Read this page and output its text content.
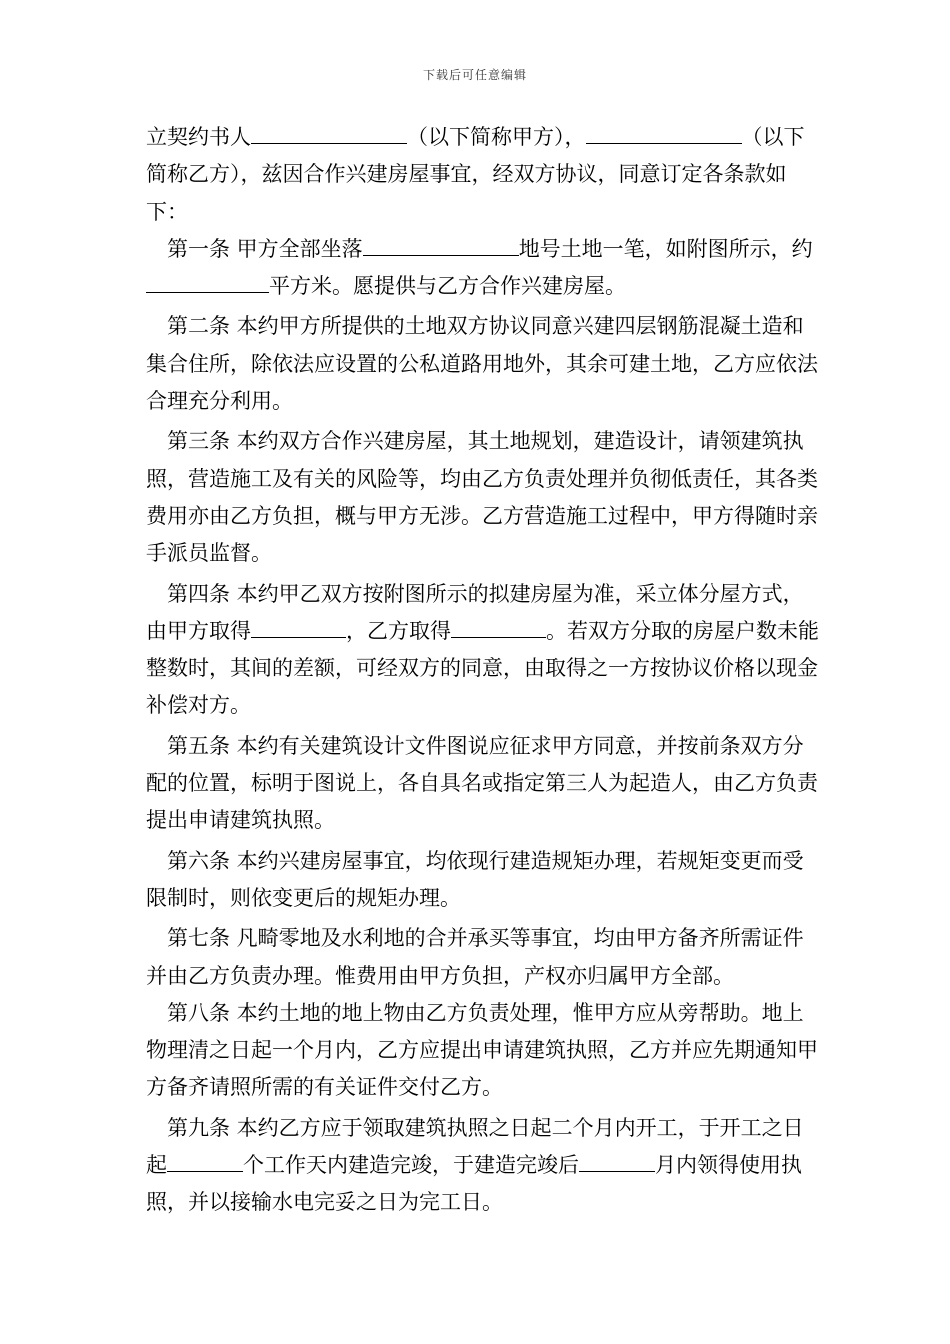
下载后可任意编辑

立契约书人	（以下简称甲方），	（以下简称乙方），兹因合作兴建房屋事宜，经双方协议，同意订定各条款如下：

第一条 甲方全部坐落	地号土地一笔，如附图所示，约平方米。愿提供与乙方合作兴建房屋。

第二条 本约甲方所提供的土地双方协议同意兴建四层钢筋混凝土造和集合住所，除依法应设置的公私道路用地外，其余可建土地，乙方应依法合理充分利用。

第三条 本约双方合作兴建房屋，其土地规划，建造设计，请领建筑执照，营造施工及有关的风险等，均由乙方负责处理并负彻低责任，其各类费用亦由乙方负担，概与甲方无涉。乙方营造施工过程中，甲方得随时亲手派员监督。

第四条 本约甲乙双方按附图所示的拟建房屋为准，采立体分屋方式，由甲方取得	，乙方取得	。若双方分取的房屋户数未能整数时，其间的差额，可经双方的同意，由取得之一方按协议价格以现金补偿对方。

第五条 本约有关建筑设计文件图说应征求甲方同意，并按前条双方分配的位置，标明于图说上，各自具名或指定第三人为起造人，由乙方负责提出申请建筑执照。

第六条 本约兴建房屋事宜，均依现行建造规矩办理，若规矩变更而受限制时，则依变更后的规矩办理。

第七条 凡畸零地及水利地的合并承买等事宜，均由甲方备齐所需证件并由乙方负责办理。惟费用由甲方负担，产权亦归属甲方全部。

第八条 本约土地的地上物由乙方负责处理，惟甲方应从旁帮助。地上物理清之日起一个月内，乙方应提出申请建筑执照，乙方并应先期通知甲方备齐请照所需的有关证件交付乙方。

第九条 本约乙方应于领取建筑执照之日起二个月内开工，于开工之日起	个工作天内建造完竣，于建造完竣后	月内领得使用执照，并以接输水电完妥之日为完工日。
